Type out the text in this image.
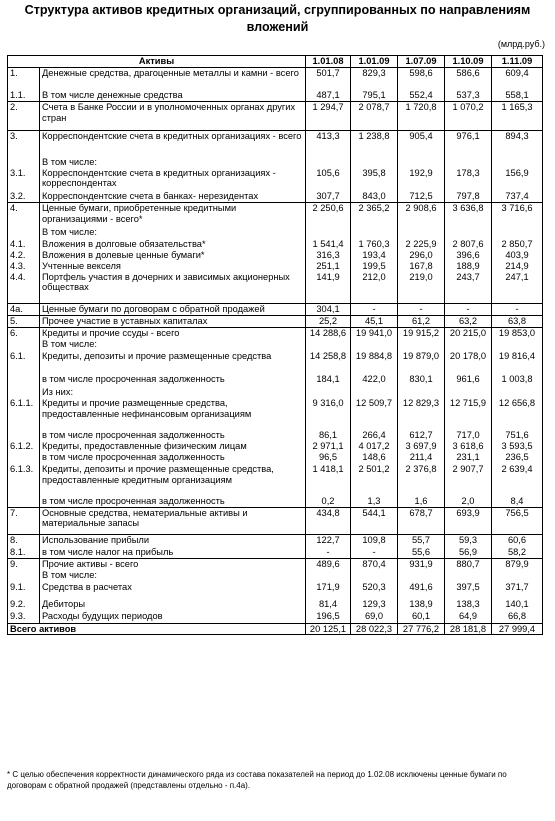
Структура активов кредитных организаций, сгруппированных по направлениям вложений
(млрд.руб.)
Активы		1.01.08	1.01.09	1.07.09	1.10.09	1.11.09
1.	Денежные средства, драгоценные металлы и камни - всего	501,7	829,3	598,6	586,6	609,4
1.1.	В том числе денежные средства	487,1	795,1	552,4	537,3	558,1
2.	Счета в Банке России и в уполномоченных органах других стран	1 294,7	2 078,7	1 720,8	1 070,2	1 165,3
3.	Корреспондентские счета в кредитных организациях - всего	413,3	1 238,8	905,4	976,1	894,3
	В том числе:					
3.1.	Корреспондентские счета в кредитных организациях - корреспондентах	105,6	395,8	192,9	178,3	156,9
3.2.	Корреспондентские счета в банках- нерезидентах	307,7	843,0	712,5	797,8	737,4
4.	Ценные бумаги, приобретенные кредитными организациями - всего*	2 250,6	2 365,2	2 908,6	3 636,8	3 716,6
	В том числе:					
4.1.	Вложения в долговые обязательства*	1 541,4	1 760,3	2 225,9	2 807,6	2 850,7
4.2.	Вложения в долевые ценные бумаги*	316,3	193,4	296,0	396,6	403,9
4.3.	Учтенные векселя	251,1	199,5	167,8	188,9	214,9
4.4.	Портфель участия в дочерних и зависимых акционерных обществах	141,9	212,0	219,0	243,7	247,1
4а.	Ценные бумаги по договорам с обратной продажей	304,1	-	-	-	-
5.	Прочее участие в уставных капиталах	25,2	45,1	61,2	63,2	63,8
6.	Кредиты и прочие ссуды - всего	14 288,6	19 941,0	19 915,2	20 215,0	19 853,0
	В том числе:					
6.1.	Кредиты, депозиты и прочие размещенные средства	14 258,8	19 884,8	19 879,0	20 178,0	19 816,4
	в том числе просроченная задолженность	184,1	422,0	830,1	961,6	1 003,8
	Из них:					
6.1.1.	Кредиты и прочие размещенные средства, предоставленные нефинансовым организациям	9 316,0	12 509,7	12 829,3	12 715,9	12 656,8
	в том числе просроченная задолженность	86,1	266,4	612,7	717,0	751,6
6.1.2.	Кредиты, предоставленные физическим лицам	2 971,1	4 017,2	3 697,9	3 618,6	3 593,5
	в том числе просроченная задолженность	96,5	148,6	211,4	231,1	236,5
6.1.3.	Кредиты, депозиты и прочие размещенные средства, предоставленные кредитным организациям	1 418,1	2 501,2	2 376,8	2 907,7	2 639,4
	в том числе просроченная задолженность	0,2	1,3	1,6	2,0	8,4
7.	Основные средства, нематериальные активы и материальные запасы	434,8	544,1	678,7	693,9	756,5
8.	Использование прибыли	122,7	109,8	55,7	59,3	60,6
8.1.	в том числе налог на прибыль	-	-	55,6	56,9	58,2
9.	Прочие активы - всего	489,6	870,4	931,9	880,7	879,9
	В том числе:					
9.1.	Средства в расчетах	171,9	520,3	491,6	397,5	371,7
9.2.	Дебиторы	81,4	129,3	138,9	138,3	140,1
9.3.	Расходы будущих периодов	196,5	69,0	60,1	64,9	66,8
Всего активов		20 125,1	28 022,3	27 776,2	28 181,8	27 999,4
* С целью обеспечения корректности динамического ряда из состава показателей на период до 1.02.08 исключены ценные бумаги по договорам с обратной продажей (представлены отдельно - п.4а).
